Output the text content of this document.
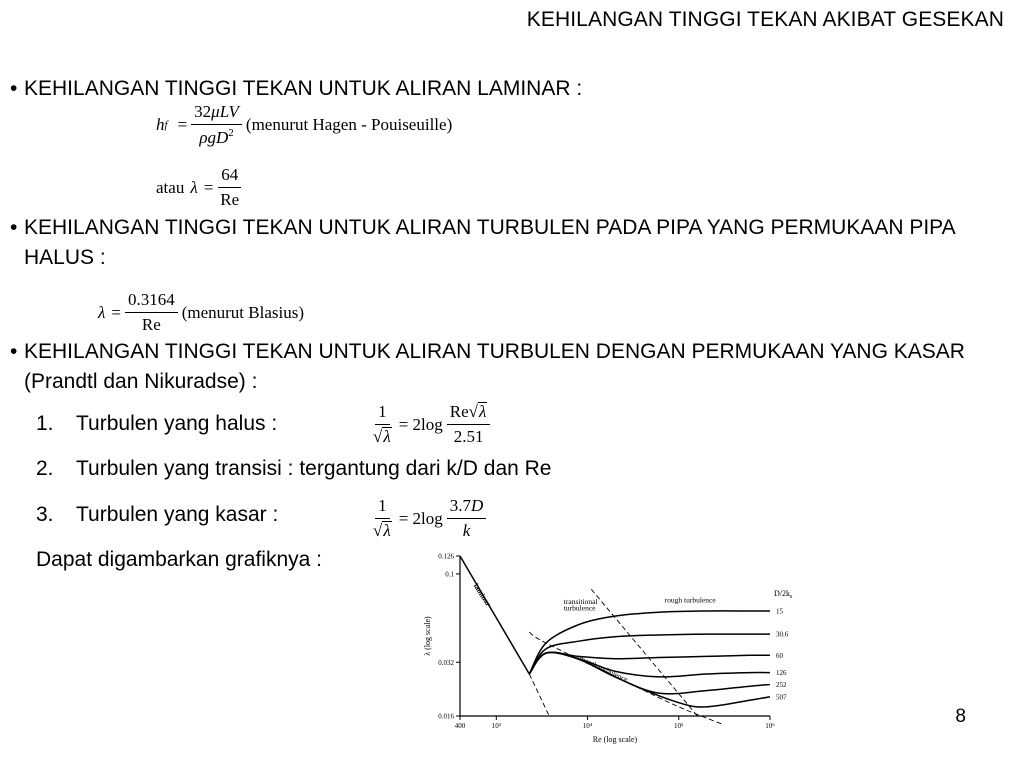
KEHILANGAN TINGGI TEKAN AKIBAT GESEKAN
• KEHILANGAN TINGGI TEKAN UNTUK ALIRAN LAMINAR :
h $f = \frac{\text{32μLV}}{\rho gD^2}$ (menurut Hagen - Pouiseuille)
atau $\lambda = \frac{64}{Re}$
• KEHILANGAN TINGGI TEKAN UNTUK ALIRAN TURBULEN PADA PIPA YANG PERMUKAAN PIPA HALUS :
$\lambda = \frac{0.3164}{Re}$ (menurut Blasius)
• KEHILANGAN TINGGI TEKAN UNTUK ALIRAN TURBULEN DENGAN PERMUKAAN YANG KASAR (Prandtl dan Nikuradse) :
1. Turbulen yang halus :	$\frac{1}{√ \lambda} = 2\log \frac{Re √ \lambda}{2.51}$
2. Turbulen yang transisi : tergantung dari k/D dan Re
3. Turbulen yang kasar :	$\frac{1}{√ \lambda} = 2\log \frac{3.7D}{k}$
Dapat digambarkan grafiknya :
400	10³	10⁴	10⁵	10⁶
0.126
0.1
0.032
0.016
Re (log scale)
λ (log scale)
15
30.6
60
126
252
507
$D/2k_s$
laminar	transitional
turbulence
rough turbulence
smooth turbulence
8
